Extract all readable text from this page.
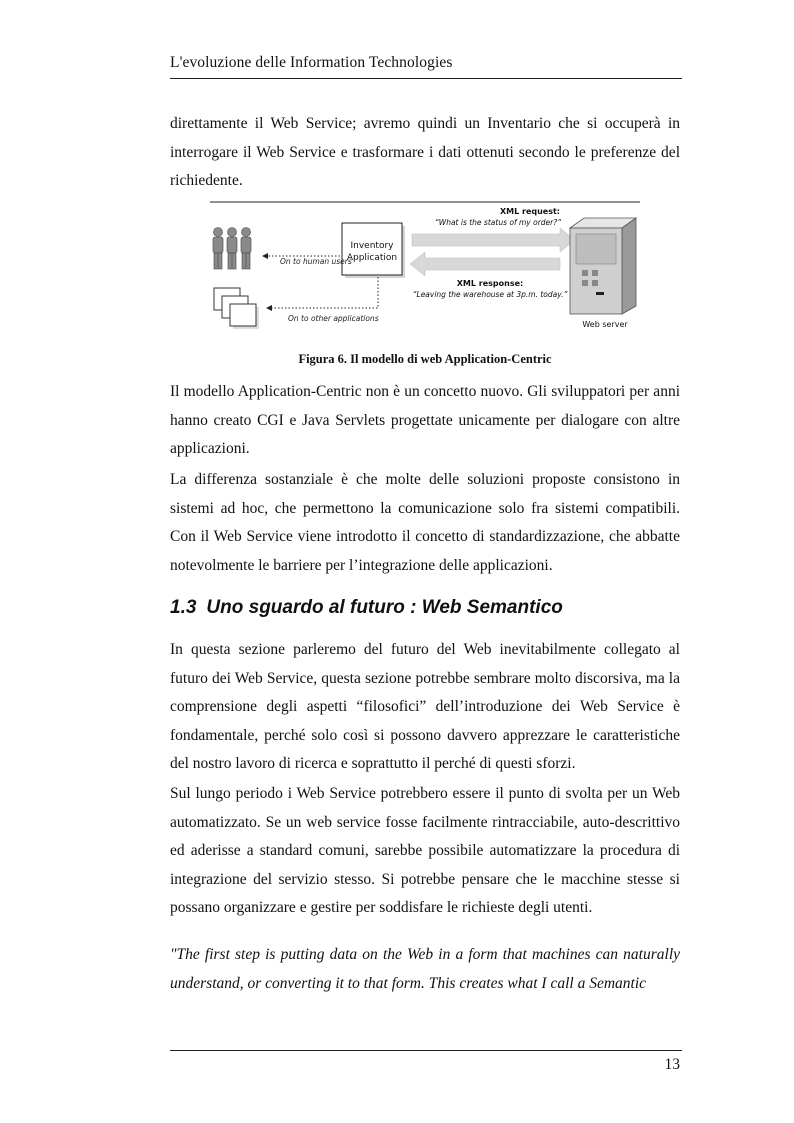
L'evoluzione delle Information Technologies

direttamente il Web Service; avremo quindi un Inventario che si occuperà in interrogare il Web Service e trasformare i dati ottenuti secondo le preferenze del richiedente.

Inventory
Application
On to human users
On to other applications
XML request:
“What is the status of my order?”
XML response:
“Leaving the warehouse at 3p.m. today.”
Web server
Figura 6. Il modello di web Application-Centric

Il modello Application-Centric non è un concetto nuovo. Gli sviluppatori per anni hanno creato CGI e Java Servlets progettate unicamente per dialogare con altre applicazioni.

La differenza sostanziale è che molte delle soluzioni proposte consistono in sistemi ad hoc, che permettono la comunicazione solo fra sistemi compatibili. Con il Web Service viene introdotto il concetto di standardizzazione, che abbatte notevolmente le barriere per l’integrazione delle applicazioni.

1.3 Uno sguardo al futuro : Web Semantico

In questa sezione parleremo del futuro del Web inevitabilmente collegato al futuro dei Web Service, questa sezione potrebbe sembrare molto discorsiva, ma la comprensione degli aspetti “filosofici” dell’introduzione dei Web Service è fondamentale, perché solo così si possono davvero apprezzare le caratteristiche del nostro lavoro di ricerca e soprattutto il perché di questi sforzi.

Sul lungo periodo i Web Service potrebbero essere il punto di svolta per un Web automatizzato. Se un web service fosse facilmente rintracciabile, auto-descrittivo ed aderisse a standard comuni, sarebbe possibile automatizzare la procedura di integrazione del servizio stesso. Si potrebbe pensare che le macchine stesse si possano organizzare e gestire per soddisfare le richieste degli utenti.

"The first step is putting data on the Web in a form that machines can naturally understand, or converting it to that form. This creates what I call a Semantic

13
